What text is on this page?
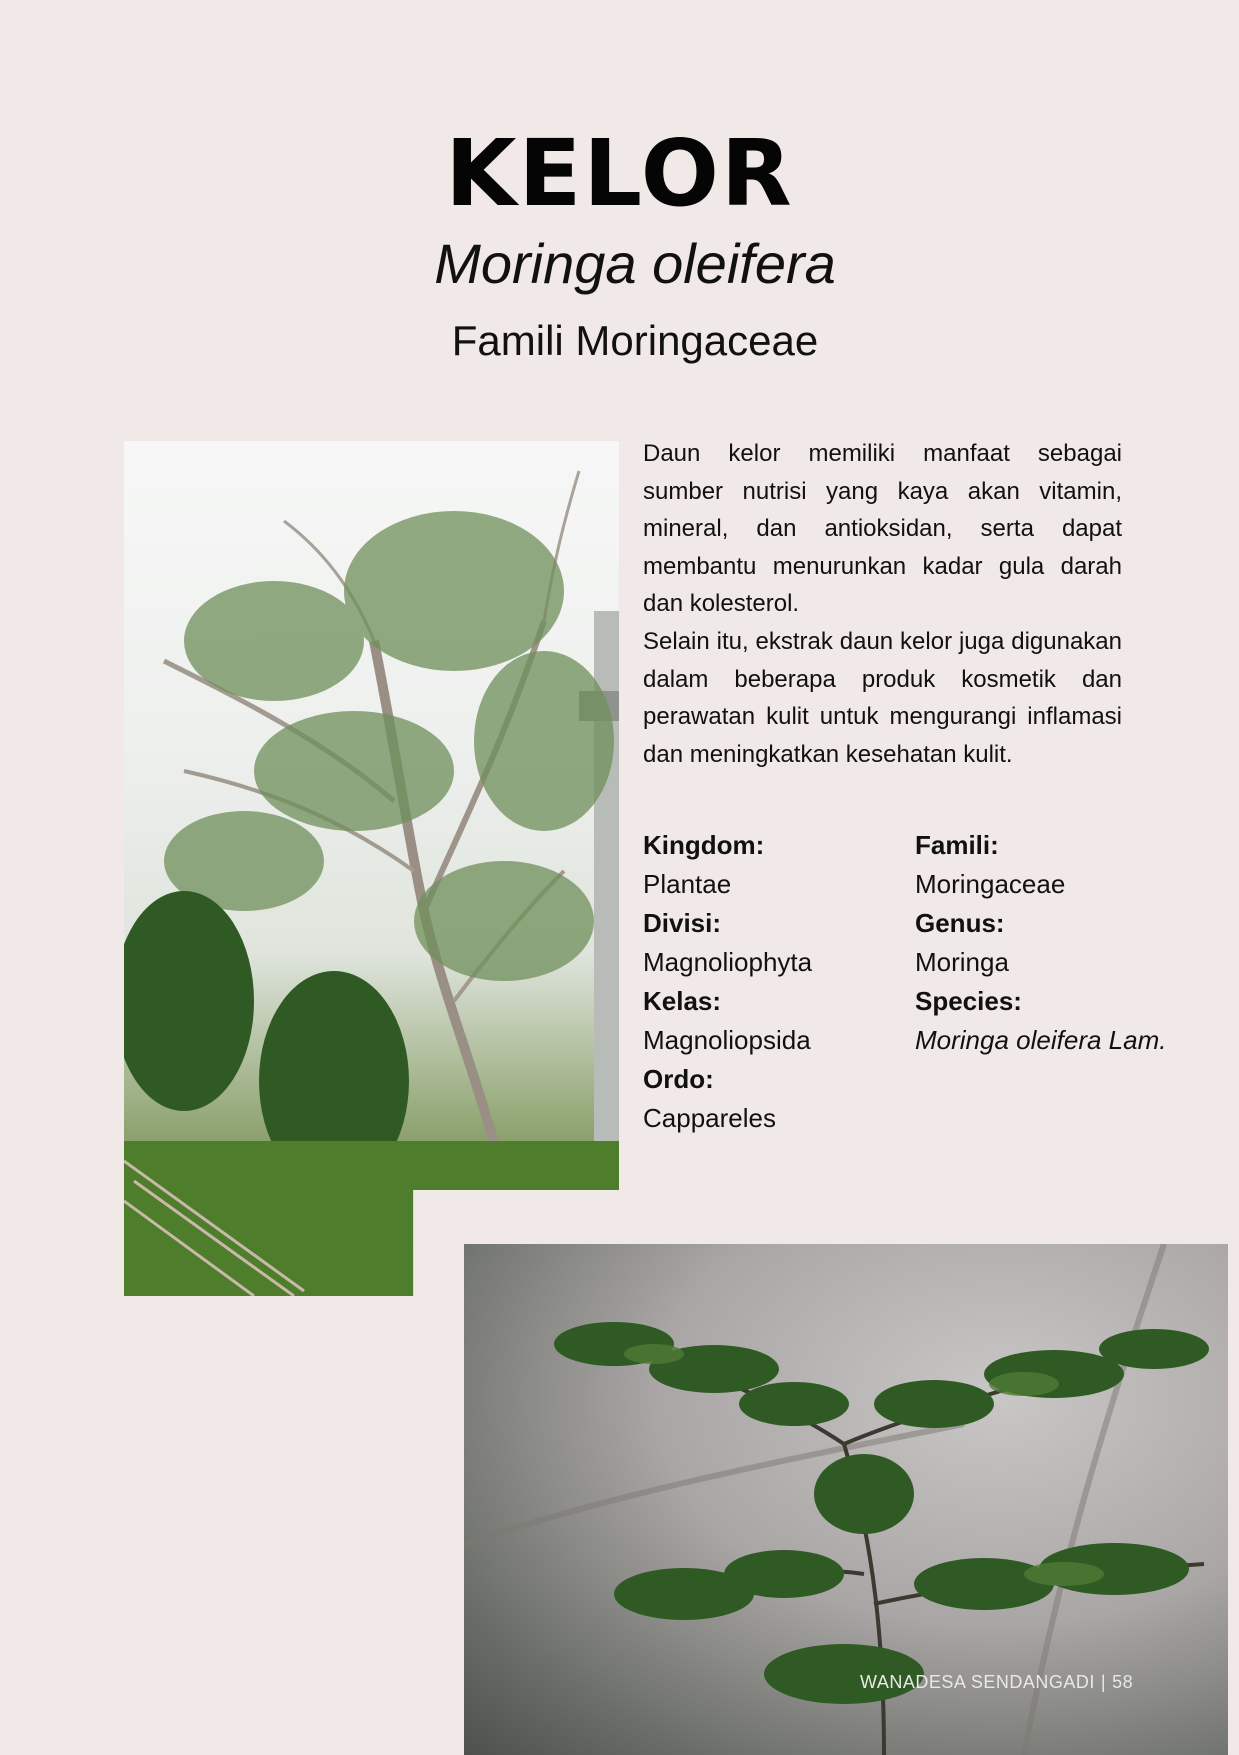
KELOR
Moringa oleifera
Famili Moringaceae

Daun kelor memiliki manfaat sebagai sumber nutrisi yang kaya akan vitamin, mineral, dan antioksidan, serta dapat membantu menurunkan kadar gula darah dan kolesterol.

Selain itu, ekstrak daun kelor juga digunakan dalam beberapa produk kosmetik dan perawatan kulit untuk mengurangi inflamasi dan meningkatkan kesehatan kulit.

Kingdom:
Plantae
Divisi:
Magnoliophyta
Kelas:
Magnoliopsida
Ordo:
Cappareles
Famili:
Moringaceae
Genus:
Moringa
Species:
Moringa oleifera Lam.
WANADESA SENDANGADI | 58
